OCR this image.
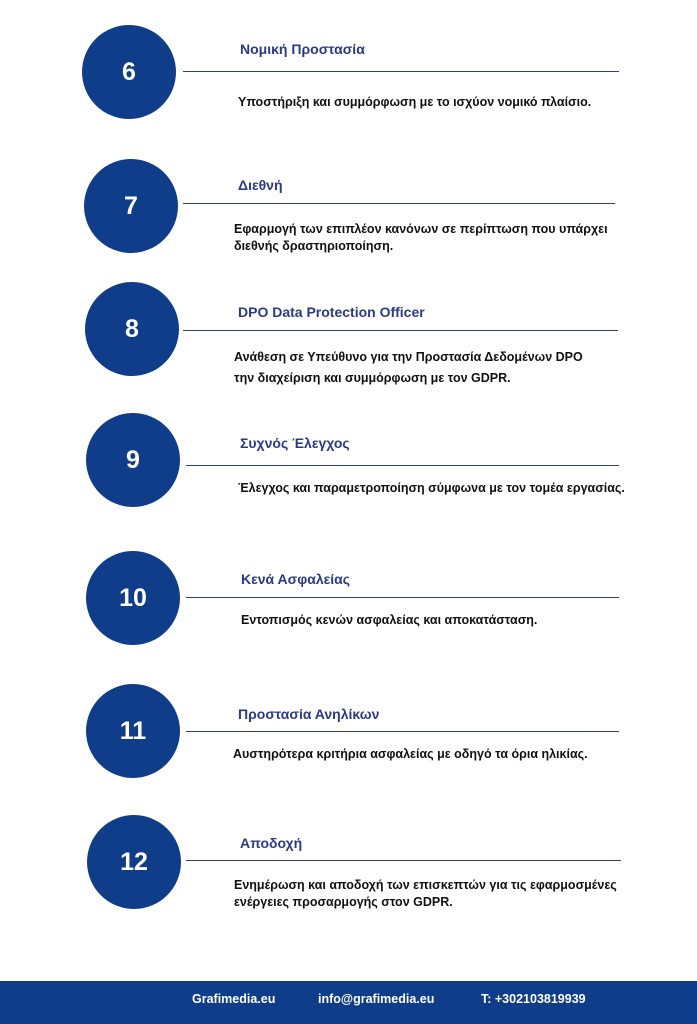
6
Νομική Προστασία
Υποστήριξη και συμμόρφωση με το ισχύον νομικό πλαίσιο.
7
Διεθνή
Εφαρμογή των επιπλέον κανόνων σε περίπτωση που υπάρχει διεθνής δραστηριοποίηση.
8
DPO Data Protection Officer
Ανάθεση σε Υπεύθυνο για την Προστασία Δεδομένων DPO την διαχείριση και συμμόρφωση με τον GDPR.
9
Συχνός Έλεγχος
Έλεγχος και παραμετροποίηση σύμφωνα με τον τομέα εργασίας.
10
Κενά Ασφαλείας
Εντοπισμός κενών ασφαλείας και αποκατάσταση.
11
Προστασία Ανηλίκων
Αυστηρότερα κριτήρια ασφαλείας με οδηγό τα όρια ηλικίας.
12
Αποδοχή
Ενημέρωση και αποδοχή των επισκεπτών για τις εφαρμοσμένες ενέργειες προσαρμογής στον GDPR.
Grafimedia.eu	info@grafimedia.eu	T: +302103819939
